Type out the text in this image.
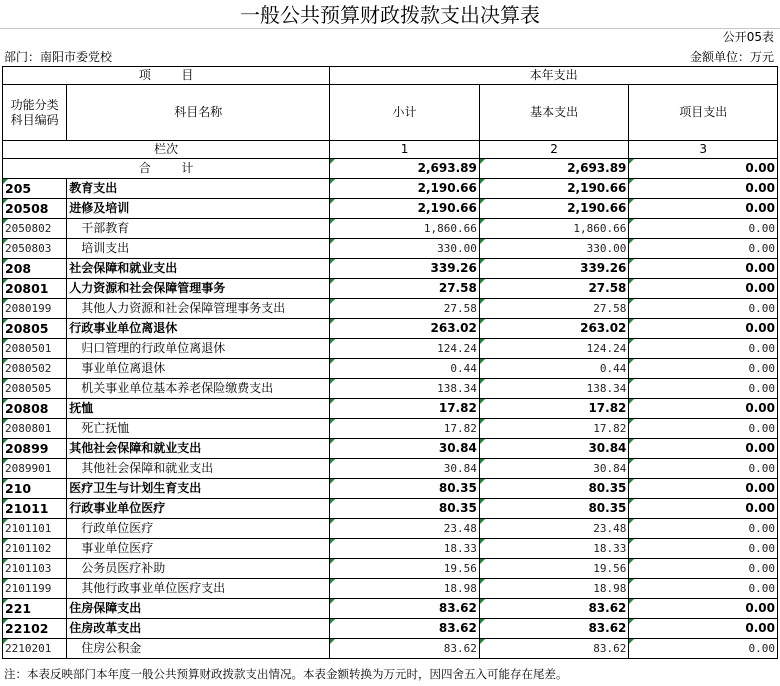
一般公共预算财政拨款支出决算表
公开05表
部门：南阳市委党校	金额单位：万元
项        目		本年支出		
功能分类
科目编码	科目名称	小计	基本支出	项目支出
栏次		1	2	3
合        计		2,693.89	2,693.89	0.00
205	教育支出	2,190.66	2,190.66	0.00
20508	进修及培训	2,190.66	2,190.66	0.00
2050802	干部教育	1,860.66	1,860.66	0.00
2050803	培训支出	330.00	330.00	0.00
208	社会保障和就业支出	339.26	339.26	0.00
20801	人力资源和社会保障管理事务	27.58	27.58	0.00
2080199	其他人力资源和社会保障管理事务支出	27.58	27.58	0.00
20805	行政事业单位离退休	263.02	263.02	0.00
2080501	归口管理的行政单位离退休	124.24	124.24	0.00
2080502	事业单位离退休	0.44	0.44	0.00
2080505	机关事业单位基本养老保险缴费支出	138.34	138.34	0.00
20808	抚恤	17.82	17.82	0.00
2080801	死亡抚恤	17.82	17.82	0.00
20899	其他社会保障和就业支出	30.84	30.84	0.00
2089901	其他社会保障和就业支出	30.84	30.84	0.00
210	医疗卫生与计划生育支出	80.35	80.35	0.00
21011	行政事业单位医疗	80.35	80.35	0.00
2101101	行政单位医疗	23.48	23.48	0.00
2101102	事业单位医疗	18.33	18.33	0.00
2101103	公务员医疗补助	19.56	19.56	0.00
2101199	其他行政事业单位医疗支出	18.98	18.98	0.00
221	住房保障支出	83.62	83.62	0.00
22102	住房改革支出	83.62	83.62	0.00
2210201	住房公积金	83.62	83.62	0.00
注：本表反映部门本年度一般公共预算财政拨款支出情况。本表金额转换为万元时，因四舍五入可能存在尾差。
